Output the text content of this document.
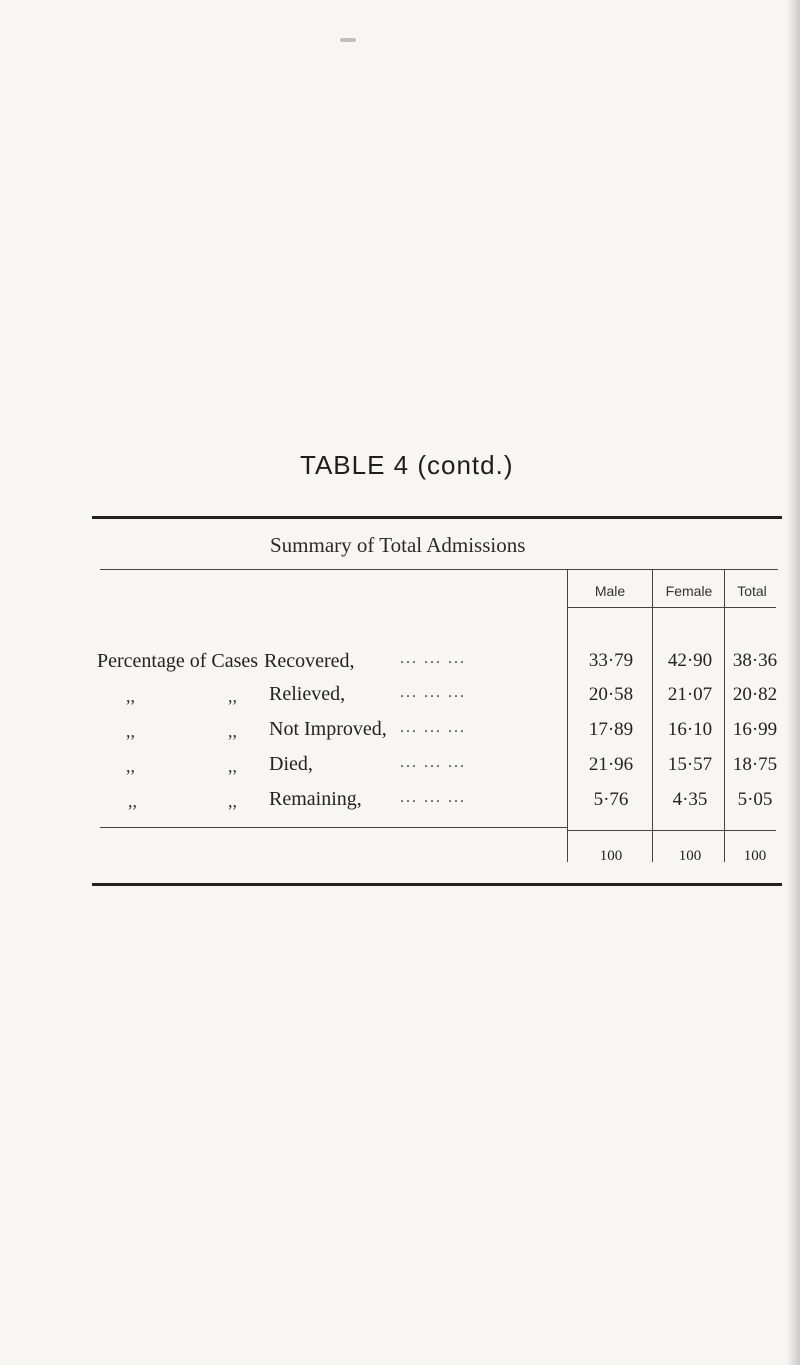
TABLE 4 (contd.)
Summary of Total Admissions
Male	Female	Total
Percentage of Cases Recovered,	... ... ...	33·79	42·90	38·36
,,	,, Relieved,	... ... ...	20·58	21·07	20·82
,,	,, Not Improved, ... ... ...	17·89	16·10	16·99
,,	,, Died,	... ... ...	21·96	15·57	18·75
,,	,, Remaining, ... ... ...	5·76	4·35	5·05
100	100	100
